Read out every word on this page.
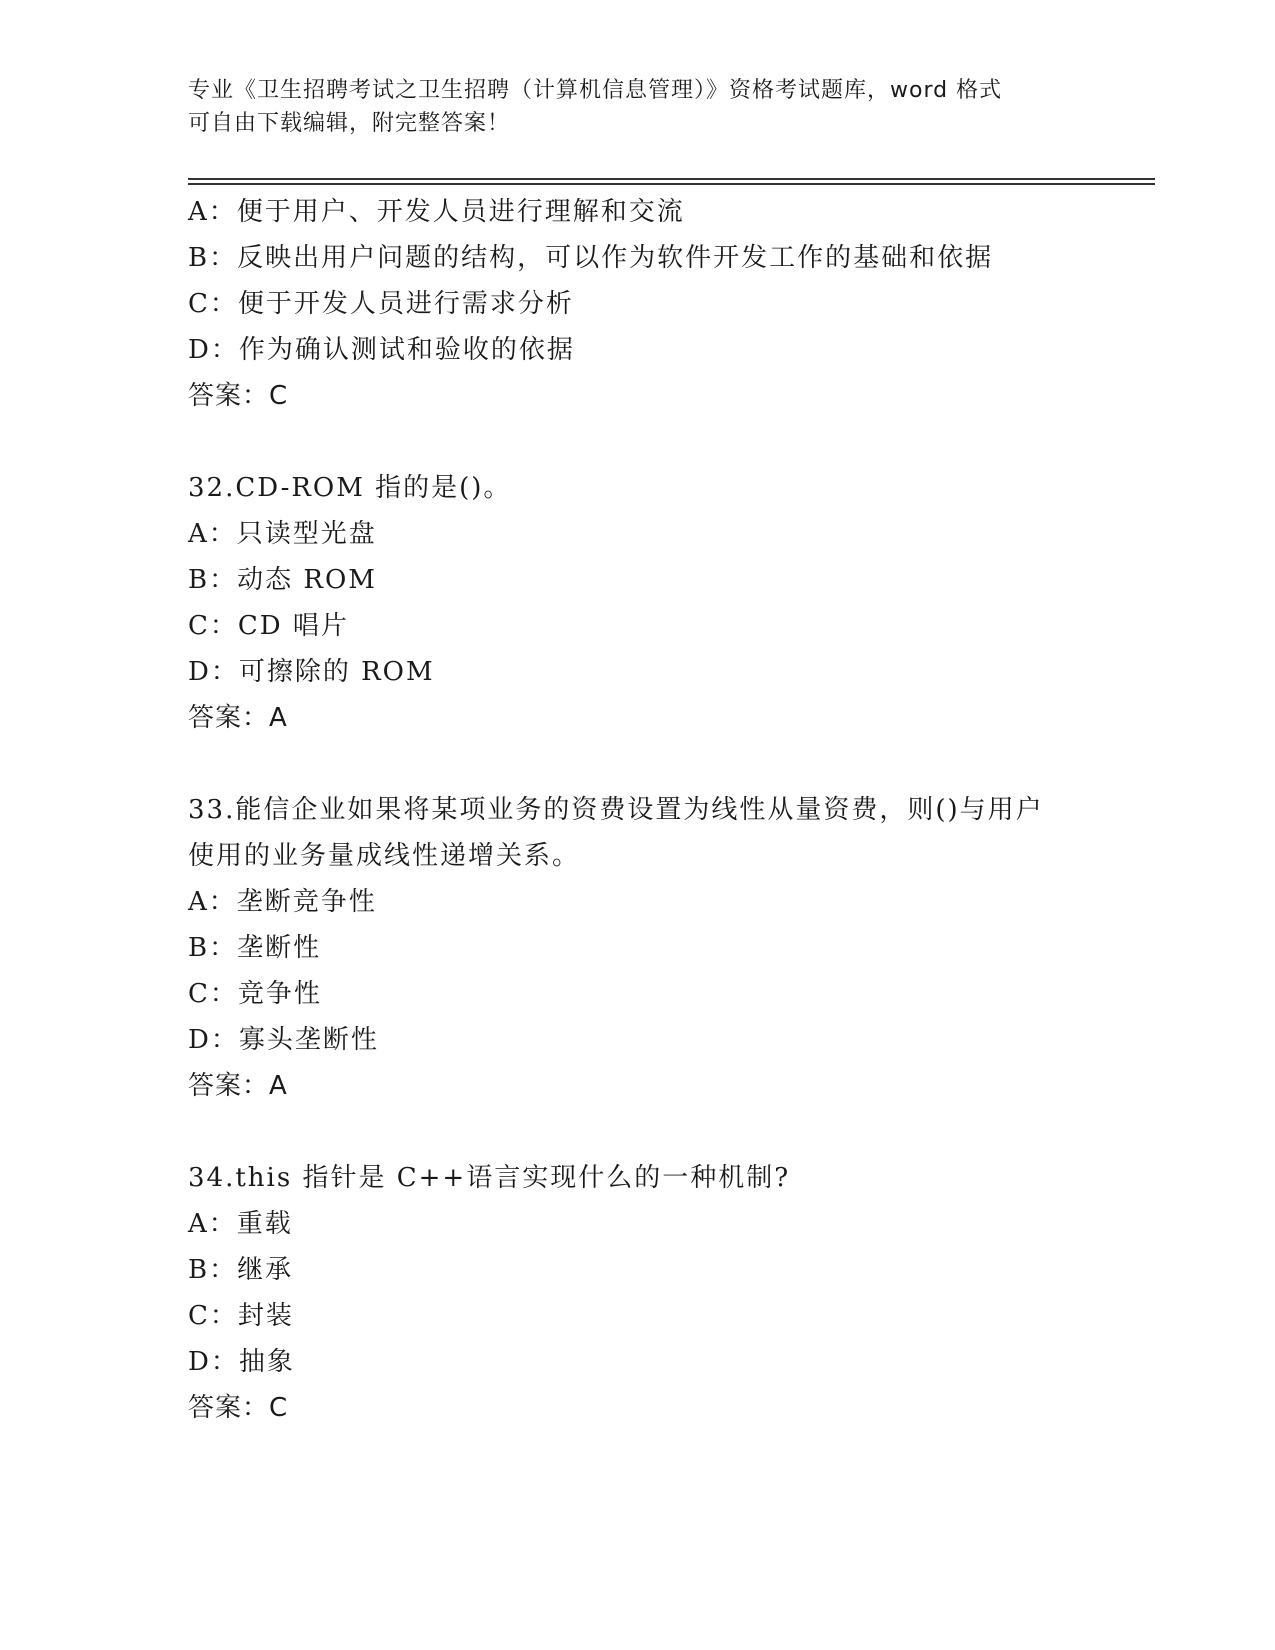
专业《卫生招聘考试之卫生招聘（计算机信息管理）》资格考试题库，word 格式
可自由下载编辑，附完整答案！
A：便于用户、开发人员进行理解和交流
B：反映出用户问题的结构，可以作为软件开发工作的基础和依据
C：便于开发人员进行需求分析
D：作为确认测试和验收的依据
答案：C
32.CD-ROM 指的是()。
A：只读型光盘
B：动态 ROM
C：CD 唱片
D：可擦除的 ROM
答案：A
33.能信企业如果将某项业务的资费设置为线性从量资费，则()与用户
使用的业务量成线性递增关系。
A：垄断竞争性
B：垄断性
C：竞争性
D：寡头垄断性
答案：A
34.this 指针是 C++语言实现什么的一种机制?
A：重载
B：继承
C：封装
D：抽象
答案：C
